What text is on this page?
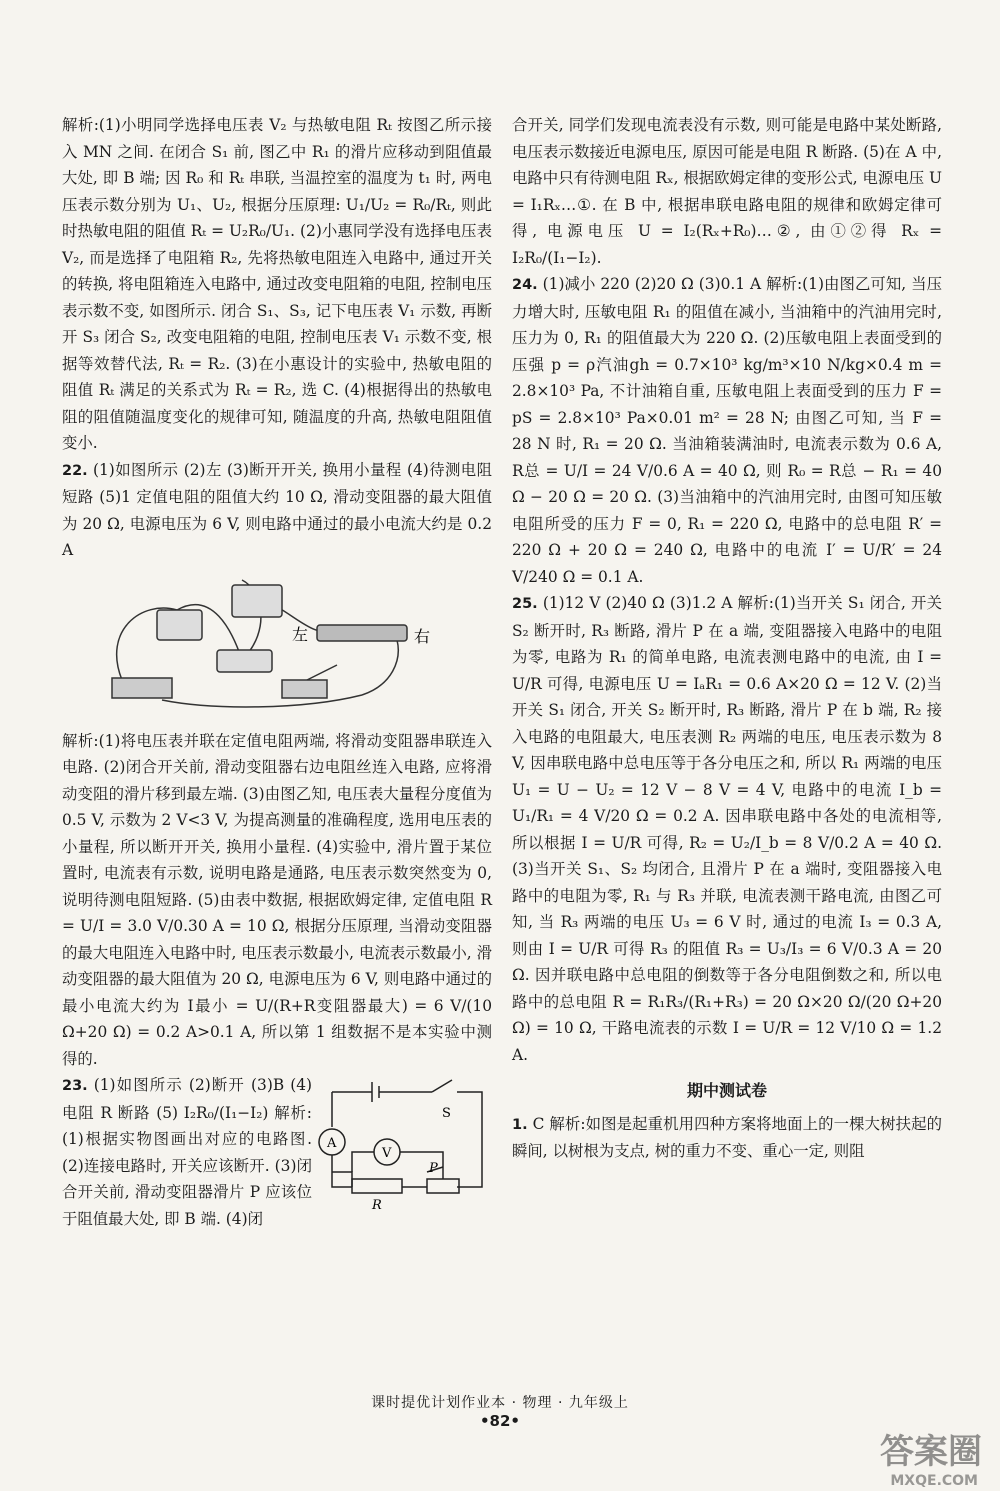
解析:(1)小明同学选择电压表 V₂ 与热敏电阻 Rₜ 按图乙所示接入 MN 之间. 在闭合 S₁ 前, 图乙中 R₁ 的滑片应移动到阻值最大处, 即 B 端; 因 R₀ 和 Rₜ 串联, 当温控室的温度为 t₁ 时, 两电压表示数分别为 U₁、U₂, 根据分压原理: U₁/U₂ = R₀/Rₜ, 则此时热敏电阻的阻值 Rₜ = U₂R₀/U₁. (2)小惠同学没有选择电压表 V₂, 而是选择了电阻箱 R₂, 先将热敏电阻连入电路中, 通过开关的转换, 将电阻箱连入电路中, 通过改变电阻箱的电阻, 控制电压表示数不变, 如图所示. 闭合 S₁、S₃, 记下电压表 V₁ 示数, 再断开 S₃ 闭合 S₂, 改变电阻箱的电阻, 控制电压表 V₁ 示数不变, 根据等效替代法, Rₜ = R₂. (3)在小惠设计的实验中, 热敏电阻的阻值 Rₜ 满足的关系式为 Rₜ = R₂, 选 C. (4)根据得出的热敏电阻的阻值随温度变化的规律可知, 随温度的升高, 热敏电阻阻值变小.

22. (1)如图所示 (2)左 (3)断开开关, 换用小量程 (4)待测电阻短路 (5)1 定值电阻的阻值大约 10 Ω, 滑动变阻器的最大阻值为 20 Ω, 电源电压为 6 V, 则电路中通过的最小电流大约是 0.2 A

左	右

解析:(1)将电压表并联在定值电阻两端, 将滑动变阻器串联连入电路. (2)闭合开关前, 滑动变阻器右边电阻丝连入电路, 应将滑动变阻的滑片移到最左端. (3)由图乙知, 电压表大量程分度值为 0.5 V, 示数为 2 V<3 V, 为提高测量的准确程度, 选用电压表的小量程, 所以断开开关, 换用小量程. (4)实验中, 滑片置于某位置时, 电流表有示数, 说明电路是通路, 电压表示数突然变为 0, 说明待测电阻短路. (5)由表中数据, 根据欧姆定律, 定值电阻 R = U/I = 3.0 V/0.30 A = 10 Ω, 根据分压原理, 当滑动变阻器的最大电阻连入电路中时, 电压表示数最小, 电流表示数最小, 滑动变阻器的最大阻值为 20 Ω, 电源电压为 6 V, 则电路中通过的最小电流大约为 I最小 = U/(R+R变阻器最大) = 6 V/(10 Ω+20 Ω) = 0.2 A>0.1 A, 所以第 1 组数据不是本实验中测得的.

23. (1)如图所示 (2)断开 (3)B (4)电阻 R 断路 (5) I₂R₀/(I₁−I₂) 解析:(1)根据实物图画出对应的电路图. (2)连接电路时, 开关应该断开. (3)闭合开关前, 滑动变阻器滑片 P 应该位于阻值最大处, 即 B 端. (4)闭

S
A
V
P
R

合开关, 同学们发现电流表没有示数, 则可能是电路中某处断路, 电压表示数接近电源电压, 原因可能是电阻 R 断路. (5)在 A 中, 电路中只有待测电阻 Rₓ, 根据欧姆定律的变形公式, 电源电压 U = I₁Rₓ…①. 在 B 中, 根据串联电路电阻的规律和欧姆定律可得, 电源电压 U = I₂(Rₓ+R₀)…②, 由①②得 Rₓ = I₂R₀/(I₁−I₂).

24. (1)减小 220 (2)20 Ω (3)0.1 A 解析:(1)由图乙可知, 当压力增大时, 压敏电阻 R₁ 的阻值在减小, 当油箱中的汽油用完时, 压力为 0, R₁ 的阻值最大为 220 Ω. (2)压敏电阻上表面受到的压强 p = ρ汽油gh = 0.7×10³ kg/m³×10 N/kg×0.4 m = 2.8×10³ Pa, 不计油箱自重, 压敏电阻上表面受到的压力 F = pS = 2.8×10³ Pa×0.01 m² = 28 N; 由图乙可知, 当 F = 28 N 时, R₁ = 20 Ω. 当油箱装满油时, 电流表示数为 0.6 A, R总 = U/I = 24 V/0.6 A = 40 Ω, 则 R₀ = R总 − R₁ = 40 Ω − 20 Ω = 20 Ω. (3)当油箱中的汽油用完时, 由图可知压敏电阻所受的压力 F = 0, R₁ = 220 Ω, 电路中的总电阻 R′ = 220 Ω + 20 Ω = 240 Ω, 电路中的电流 I′ = U/R′ = 24 V/240 Ω = 0.1 A.

25. (1)12 V (2)40 Ω (3)1.2 A 解析:(1)当开关 S₁ 闭合, 开关 S₂ 断开时, R₃ 断路, 滑片 P 在 a 端, 变阻器接入电路中的电阻为零, 电路为 R₁ 的简单电路, 电流表测电路中的电流, 由 I = U/R 可得, 电源电压 U = IₐR₁ = 0.6 A×20 Ω = 12 V. (2)当开关 S₁ 闭合, 开关 S₂ 断开时, R₃ 断路, 滑片 P 在 b 端, R₂ 接入电路的电阻最大, 电压表测 R₂ 两端的电压, 电压表示数为 8 V, 因串联电路中总电压等于各分电压之和, 所以 R₁ 两端的电压 U₁ = U − U₂ = 12 V − 8 V = 4 V, 电路中的电流 I_b = U₁/R₁ = 4 V/20 Ω = 0.2 A. 因串联电路中各处的电流相等, 所以根据 I = U/R 可得, R₂ = U₂/I_b = 8 V/0.2 A = 40 Ω. (3)当开关 S₁、S₂ 均闭合, 且滑片 P 在 a 端时, 变阻器接入电路中的电阻为零, R₁ 与 R₃ 并联, 电流表测干路电流, 由图乙可知, 当 R₃ 两端的电压 U₃ = 6 V 时, 通过的电流 I₃ = 0.3 A, 则由 I = U/R 可得 R₃ 的阻值 R₃ = U₃/I₃ = 6 V/0.3 A = 20 Ω. 因并联电路中总电阻的倒数等于各分电阻倒数之和, 所以电路中的总电阻 R = R₁R₃/(R₁+R₃) = 20 Ω×20 Ω/(20 Ω+20 Ω) = 10 Ω, 干路电流表的示数 I = U/R = 12 V/10 Ω = 1.2 A.

期中测试卷

1. C 解析:如图是起重机用四种方案将地面上的一棵大树扶起的瞬间, 以树根为支点, 树的重力不变、重心一定, 则阻

课时提优计划作业本 · 物理 · 九年级上
•82•
答案圈
MXQE.COM
